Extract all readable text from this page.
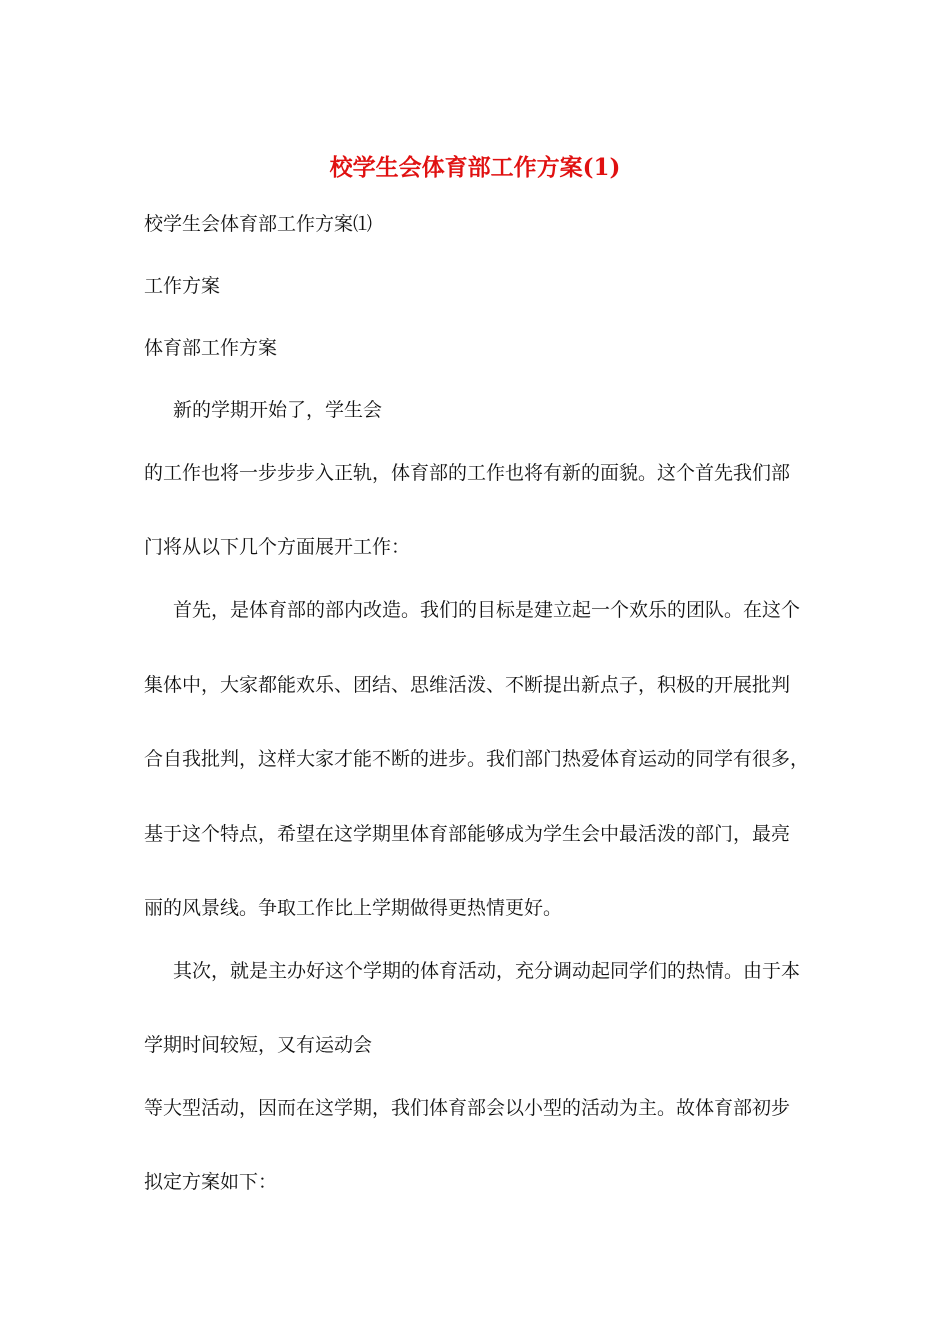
校学生会体育部工作方案(1)

校学生会体育部工作方案⑴

工作方案

体育部工作方案

新的学期开始了，学生会

的工作也将一步步步入正轨，体育部的工作也将有新的面貌。这个首先我们部

门将从以下几个方面展开工作：

首先，是体育部的部内改造。我们的目标是建立起一个欢乐的团队。在这个

集体中，大家都能欢乐、团结、思维活泼、不断提出新点子，积极的开展批判

合自我批判，这样大家才能不断的进步。我们部门热爱体育运动的同学有很多，

基于这个特点，希望在这学期里体育部能够成为学生会中最活泼的部门，最亮

丽的风景线。争取工作比上学期做得更热情更好。

其次，就是主办好这个学期的体育活动，充分调动起同学们的热情。由于本

学期时间较短，又有运动会

等大型活动，因而在这学期，我们体育部会以小型的活动为主。故体育部初步

拟定方案如下：
